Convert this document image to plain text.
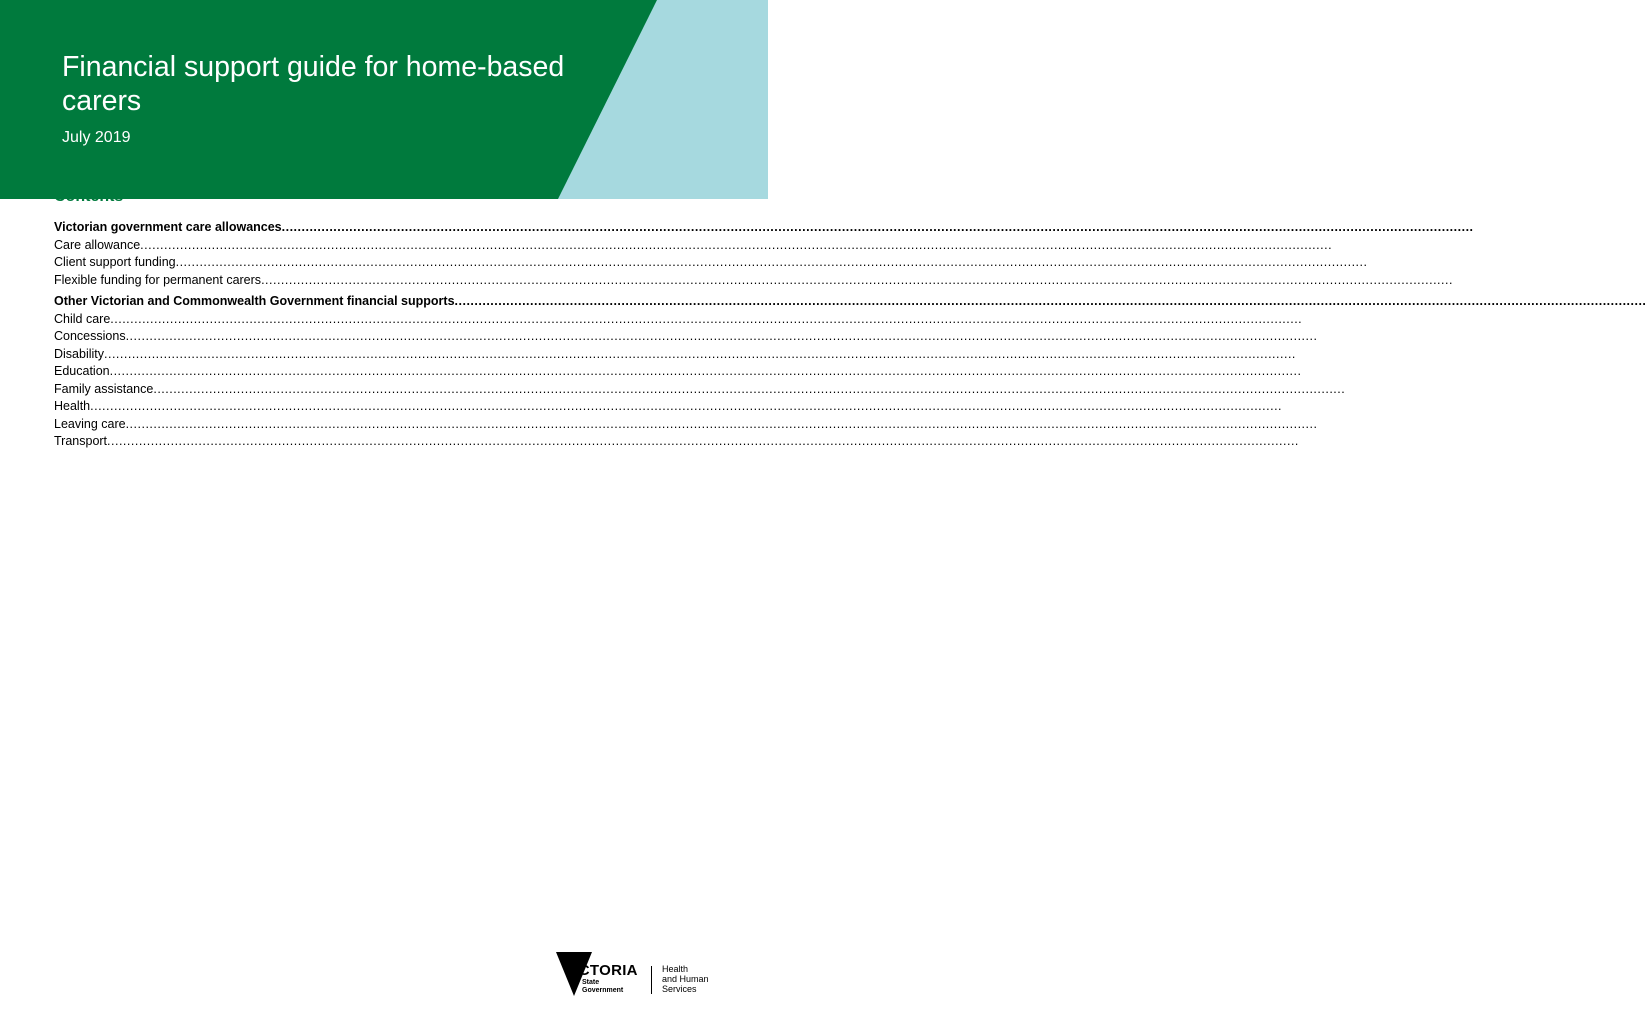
Financial support guide for home-based carers
July 2019
Contents
Victorian government care allowances ............................................................................................................................................................................................................................................................................................................
Care allowance ............................................................................................................................................................................................................................................................................................................
Client support funding ............................................................................................................................................................................................................................................................................................................
Flexible funding for permanent carers ............................................................................................................................................................................................................................................................................................................
Other Victorian and Commonwealth Government financial supports ............................................................................................................................................................................................................................................................................................................
Child care ............................................................................................................................................................................................................................................................................................................
Concessions ............................................................................................................................................................................................................................................................................................................
Disability ............................................................................................................................................................................................................................................................................................................
Education ............................................................................................................................................................................................................................................................................................................
Family assistance ............................................................................................................................................................................................................................................................................................................
Health ............................................................................................................................................................................................................................................................................................................
Leaving care ............................................................................................................................................................................................................................................................................................................
Transport ............................................................................................................................................................................................................................................................................................................
VICTORIA
State
Government
Health
and Human
Services
